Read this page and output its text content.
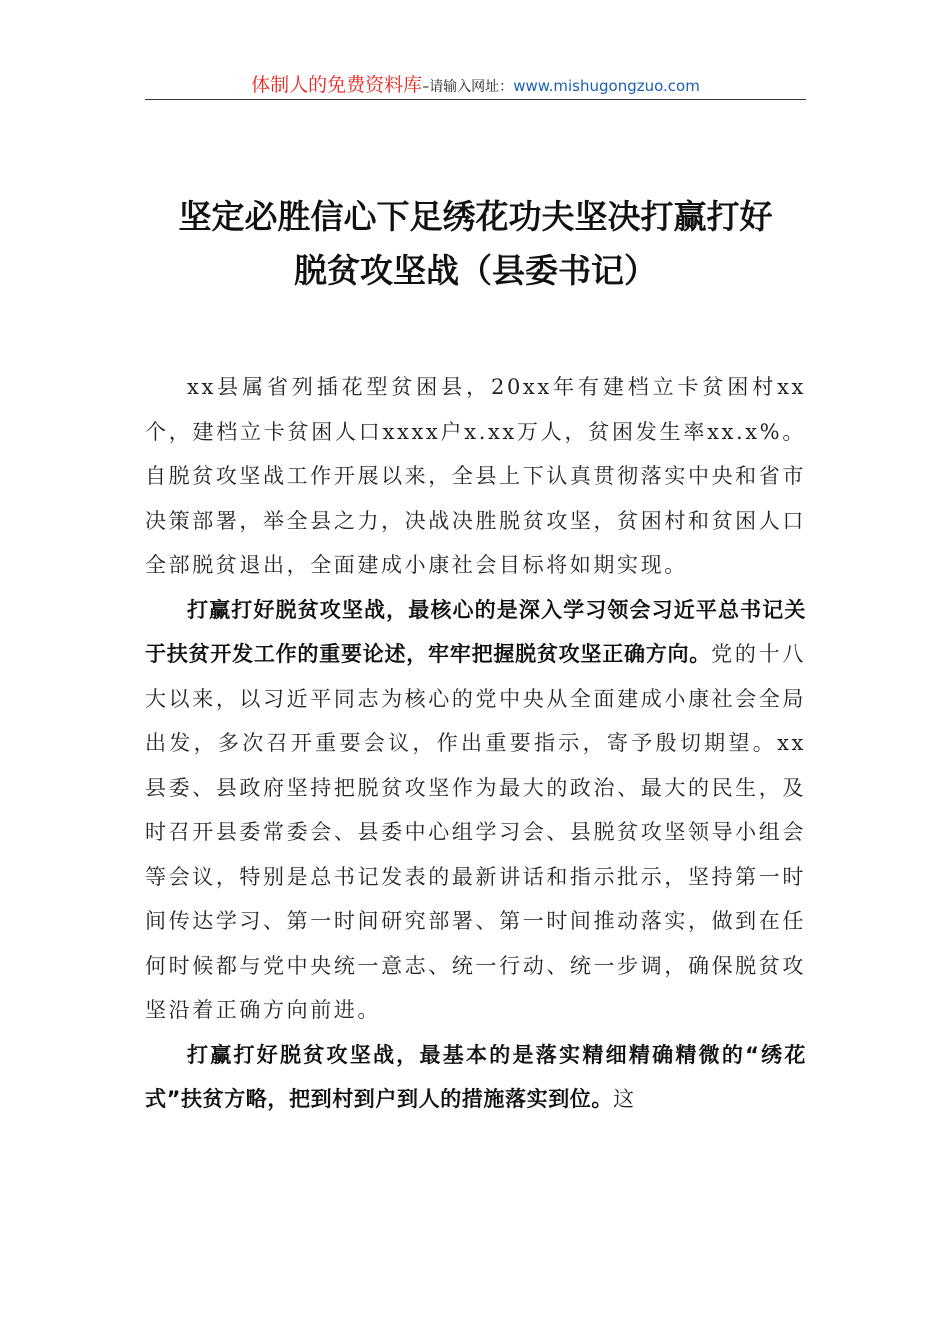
体制人的免费资料库–请输入网址：www.mishugongzuo.com
坚定必胜信心下足绣花功夫坚决打赢打好
脱贫攻坚战（县委书记）

xx县属省列插花型贫困县，20xx年有建档立卡贫困村xx个，建档立卡贫困人口xxxx户x.xx万人，贫困发生率xx.x%。自脱贫攻坚战工作开展以来，全县上下认真贯彻落实中央和省市决策部署，举全县之力，决战决胜脱贫攻坚，贫困村和贫困人口全部脱贫退出，全面建成小康社会目标将如期实现。

打赢打好脱贫攻坚战，最核心的是深入学习领会习近平总书记关于扶贫开发工作的重要论述，牢牢把握脱贫攻坚正确方向。党的十八大以来，以习近平同志为核心的党中央从全面建成小康社会全局出发，多次召开重要会议，作出重要指示，寄予殷切期望。xx县委、县政府坚持把脱贫攻坚作为最大的政治、最大的民生，及时召开县委常委会、县委中心组学习会、县脱贫攻坚领导小组会等会议，特别是总书记发表的最新讲话和指示批示，坚持第一时间传达学习、第一时间研究部署、第一时间推动落实，做到在任何时候都与党中央统一意志、统一行动、统一步调，确保脱贫攻坚沿着正确方向前进。

打赢打好脱贫攻坚战，最基本的是落实精细精确精微的“绣花式”扶贫方略，把到村到户到人的措施落实到位。这
